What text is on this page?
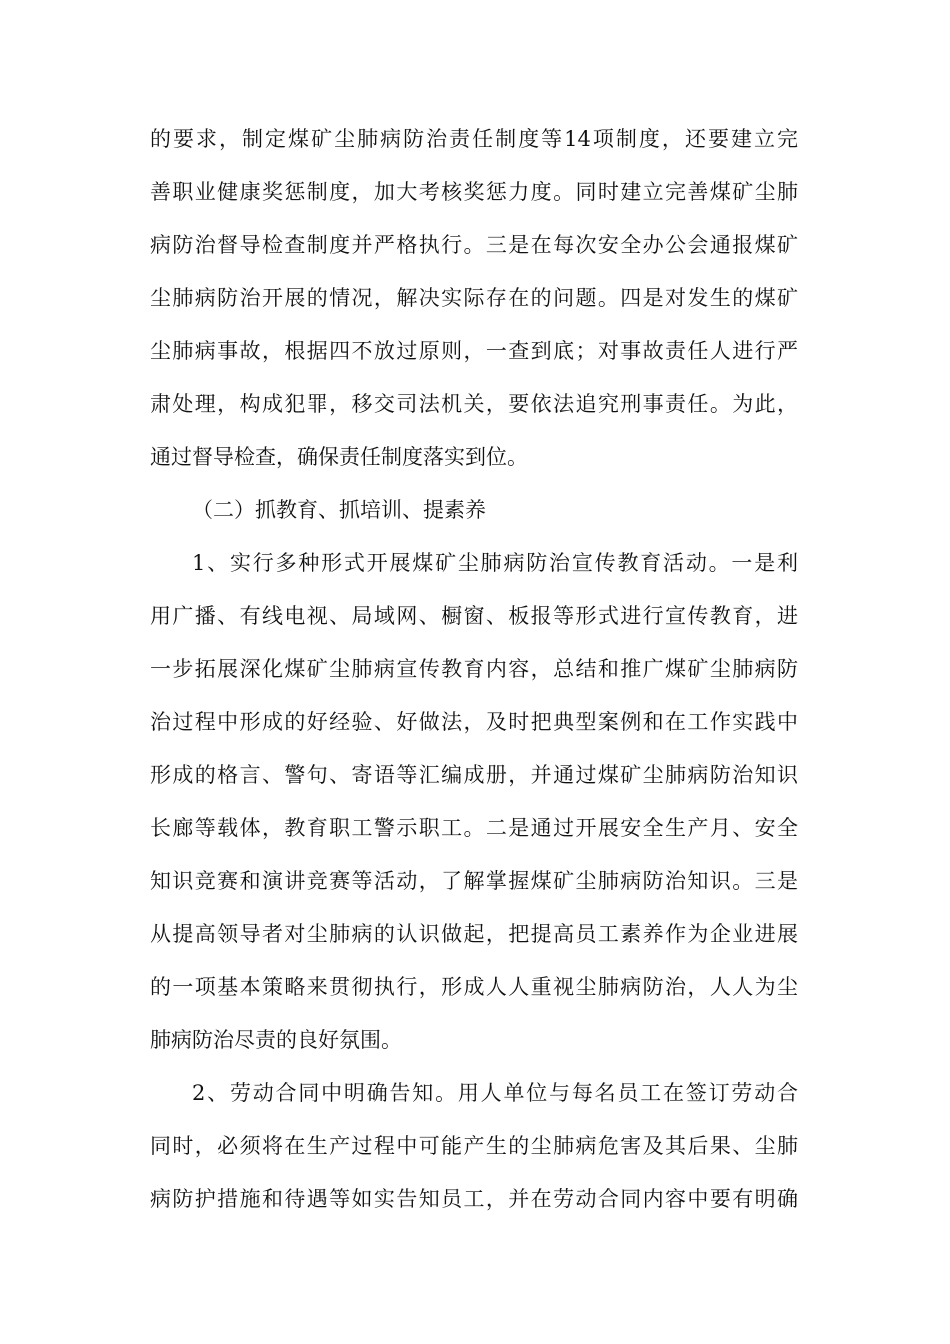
的要求，制定煤矿尘肺病防治责任制度等14项制度，还要建立完
善职业健康奖惩制度，加大考核奖惩力度。同时建立完善煤矿尘肺
病防治督导检查制度并严格执行。三是在每次安全办公会通报煤矿
尘肺病防治开展的情况，解决实际存在的问题。四是对发生的煤矿
尘肺病事故，根据四不放过原则，一查到底；对事故责任人进行严
肃处理，构成犯罪，移交司法机关，要依法追究刑事责任。为此，
通过督导检查，确保责任制度落实到位。
（二）抓教育、抓培训、提素养
1、实行多种形式开展煤矿尘肺病防治宣传教育活动。一是利
用广播、有线电视、局域网、橱窗、板报等形式进行宣传教育，进
一步拓展深化煤矿尘肺病宣传教育内容，总结和推广煤矿尘肺病防
治过程中形成的好经验、好做法，及时把典型案例和在工作实践中
形成的格言、警句、寄语等汇编成册，并通过煤矿尘肺病防治知识
长廊等载体，教育职工警示职工。二是通过开展安全生产月、安全
知识竞赛和演讲竞赛等活动，了解掌握煤矿尘肺病防治知识。三是
从提高领导者对尘肺病的认识做起，把提高员工素养作为企业进展
的一项基本策略来贯彻执行，形成人人重视尘肺病防治，人人为尘
肺病防治尽责的良好氛围。
2、劳动合同中明确告知。用人单位与每名员工在签订劳动合
同时，必须将在生产过程中可能产生的尘肺病危害及其后果、尘肺
病防护措施和待遇等如实告知员工，并在劳动合同内容中要有明确
